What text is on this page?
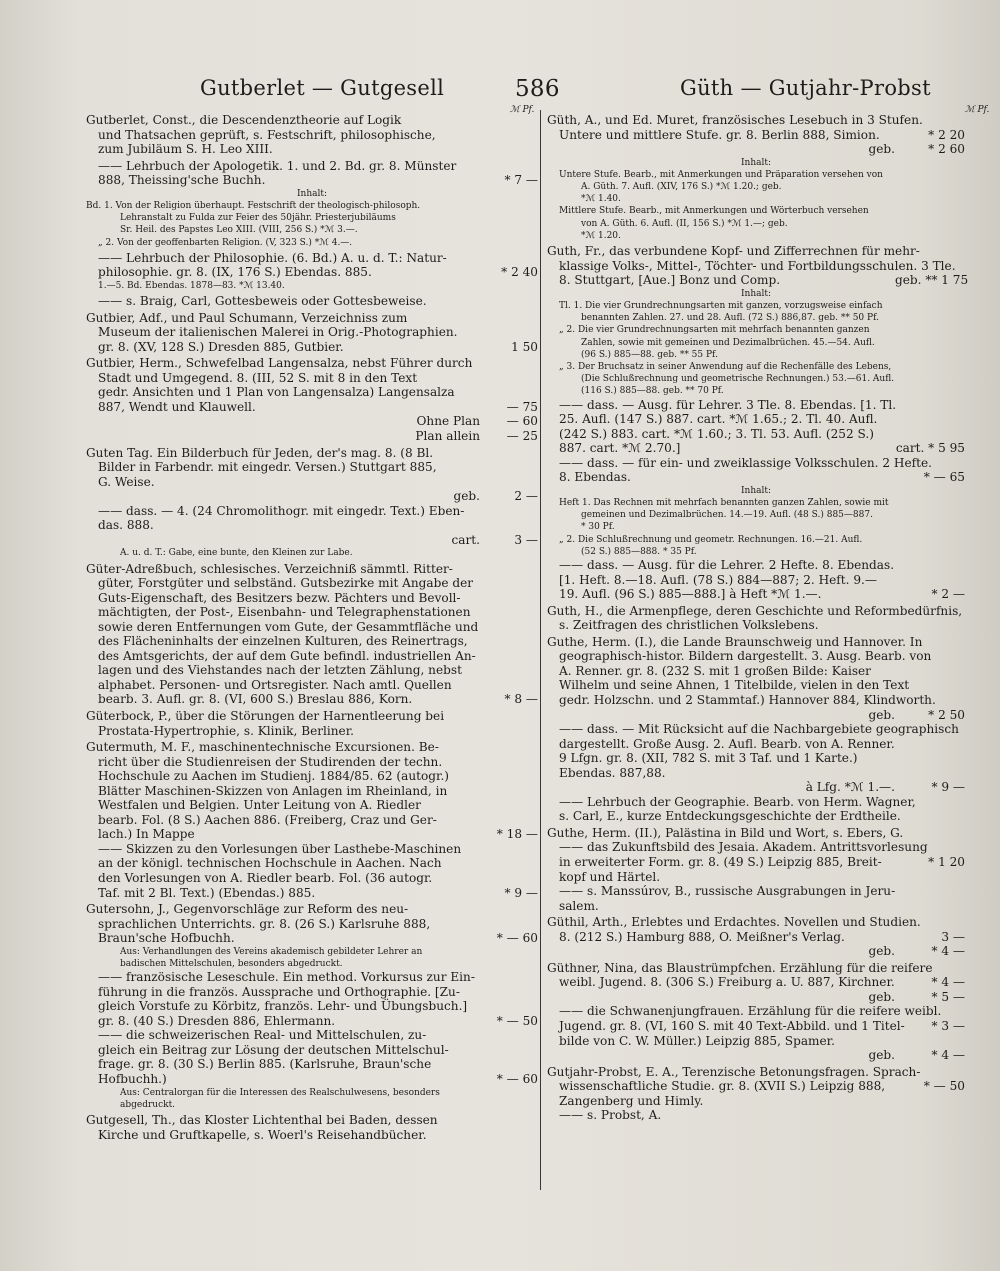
Gutberlet — Gutgesell	586	Güth — Gutjahr-Probst
ℳ Pf.	ℳ Pf.
Gutberlet, Const., die Descendenztheorie auf Logik
und Thatsachen geprüft, s. Festschrift, philosophische,
zum Jubiläum S. H. Leo XIII.
—— Lehrbuch der Apologetik. 1. und 2. Bd. gr. 8. Münster
888, Theissing'sche Buchh.	* 7 —
Inhalt:
Bd. 1. Von der Religion überhaupt. Festschrift der theologisch-philosoph.
Lehranstalt zu Fulda zur Feier des 50jähr. Priesterjubiläums
Sr. Heil. des Papstes Leo XIII. (VIII, 256 S.) *ℳ 3.—.
„ 2. Von der geoffenbarten Religion. (V, 323 S.) *ℳ 4.—.
—— Lehrbuch der Philosophie. (6. Bd.) A. u. d. T.: Natur-
philosophie. gr. 8. (IX, 176 S.) Ebendas. 885.	* 2 40
1.—5. Bd. Ebendas. 1878—83. *ℳ 13.40.
—— s. Braig, Carl, Gottesbeweis oder Gottesbeweise.
Gutbier, Adf., und Paul Schumann, Verzeichniss zum
Museum der italienischen Malerei in Orig.-Photographien.
gr. 8. (XV, 128 S.) Dresden 885, Gutbier.	1 50
Gutbier, Herm., Schwefelbad Langensalza, nebst Führer durch
Stadt und Umgegend. 8. (III, 52 S. mit 8 in den Text
gedr. Ansichten und 1 Plan von Langensalza) Langensalza
887, Wendt und Klauwell.	— 75
Ohne Plan	— 60
Plan allein	— 25
Guten Tag. Ein Bilderbuch für Jeden, der's mag. 8. (8 Bl.
Bilder in Farbendr. mit eingedr. Versen.) Stuttgart 885,
G. Weise.
geb.	2 —
—— dass. — 4. (24 Chromolithogr. mit eingedr. Text.) Eben-
das. 888.
cart.	3 —
A. u. d. T.: Gabe, eine bunte, den Kleinen zur Labe.
Güter-Adreßbuch, schlesisches. Verzeichniß sämmtl. Ritter-
güter, Forstgüter und selbständ. Gutsbezirke mit Angabe der
Guts-Eigenschaft, des Besitzers bezw. Pächters und Bevoll-
mächtigten, der Post-, Eisenbahn- und Telegraphenstationen
sowie deren Entfernungen vom Gute, der Gesammtfläche und
des Flächeninhalts der einzelnen Kulturen, des Reinertrags,
des Amtsgerichts, der auf dem Gute befindl. industriellen An-
lagen und des Viehstandes nach der letzten Zählung, nebst
alphabet. Personen- und Ortsregister. Nach amtl. Quellen
bearb. 3. Aufl. gr. 8. (VI, 600 S.) Breslau 886, Korn.	* 8 —
Güterbock, P., über die Störungen der Harnentleerung bei
Prostata-Hypertrophie, s. Klinik, Berliner.
Gutermuth, M. F., maschinentechnische Excursionen. Be-
richt über die Studienreisen der Studirenden der techn.
Hochschule zu Aachen im Studienj. 1884/85. 62 (autogr.)
Blätter Maschinen-Skizzen von Anlagen im Rheinland, in
Westfalen und Belgien. Unter Leitung von A. Riedler
bearb. Fol. (8 S.) Aachen 886. (Freiberg, Craz und Ger-
lach.) In Mappe	* 18 —
—— Skizzen zu den Vorlesungen über Lasthebe-Maschinen
an der königl. technischen Hochschule in Aachen. Nach
den Vorlesungen von A. Riedler bearb. Fol. (36 autogr.
Taf. mit 2 Bl. Text.) (Ebendas.) 885.	* 9 —
Gutersohn, J., Gegenvorschläge zur Reform des neu-
sprachlichen Unterrichts. gr. 8. (26 S.) Karlsruhe 888,
Braun'sche Hofbuchh.	* — 60
Aus: Verhandlungen des Vereins akademisch gebildeter Lehrer an
badischen Mittelschulen, besonders abgedruckt.
—— französische Leseschule. Ein method. Vorkursus zur Ein-
führung in die französ. Aussprache und Orthographie. [Zu-
gleich Vorstufe zu Körbitz, französ. Lehr- und Übungsbuch.]
gr. 8. (40 S.) Dresden 886, Ehlermann.	* — 50
—— die schweizerischen Real- und Mittelschulen, zu-
gleich ein Beitrag zur Lösung der deutschen Mittelschul-
frage. gr. 8. (30 S.) Berlin 885. (Karlsruhe, Braun'sche
Hofbuchh.)	* — 60
Aus: Centralorgan für die Interessen des Realschulwesens, besonders
abgedruckt.
Gutgesell, Th., das Kloster Lichtenthal bei Baden, dessen
Kirche und Gruftkapelle, s. Woerl's Reisehandbücher.
Güth, A., und Ed. Muret, französisches Lesebuch in 3 Stufen.
Untere und mittlere Stufe. gr. 8. Berlin 888, Simion.	* 2 20
geb.	* 2 60
Inhalt:
Untere Stufe. Bearb., mit Anmerkungen und Präparation versehen von
A. Güth. 7. Aufl. (XIV, 176 S.) *ℳ 1.20.; geb.
*ℳ 1.40.
Mittlere Stufe. Bearb., mit Anmerkungen und Wörterbuch versehen
von A. Güth. 6. Aufl. (II, 156 S.) *ℳ 1.—; geb.
*ℳ 1.20.
Guth, Fr., das verbundene Kopf- und Zifferrechnen für mehr-
klassige Volks-, Mittel-, Töchter- und Fortbildungsschulen. 3 Tle.
8. Stuttgart, [Aue.] Bonz und Comp.	geb. ** 1 75
Inhalt:
Tl. 1. Die vier Grundrechnungsarten mit ganzen, vorzugsweise einfach
benannten Zahlen. 27. und 28. Aufl. (72 S.) 886,87. geb. ** 50 Pf.
„ 2. Die vier Grundrechnungsarten mit mehrfach benannten ganzen
Zahlen, sowie mit gemeinen und Dezimalbrüchen. 45.—54. Aufl.
(96 S.) 885—88. geb. ** 55 Pf.
„ 3. Der Bruchsatz in seiner Anwendung auf die Rechenfälle des Lebens,
(Die Schlußrechnung und geometrische Rechnungen.) 53.—61. Aufl.
(116 S.) 885—88. geb. ** 70 Pf.
—— dass. — Ausg. für Lehrer. 3 Tle. 8. Ebendas. [1. Tl.
25. Aufl. (147 S.) 887. cart. *ℳ 1.65.; 2. Tl. 40. Aufl.
(242 S.) 883. cart. *ℳ 1.60.; 3. Tl. 53. Aufl. (252 S.)
887. cart. *ℳ 2.70.]	cart. * 5 95
—— dass. — für ein- und zweiklassige Volksschulen. 2 Hefte.
8. Ebendas.	* — 65
Inhalt:
Heft 1. Das Rechnen mit mehrfach benannten ganzen Zahlen, sowie mit
gemeinen und Dezimalbrüchen. 14.—19. Aufl. (48 S.) 885—887.
* 30 Pf.
„ 2. Die Schlußrechnung und geometr. Rechnungen. 16.—21. Aufl.
(52 S.) 885—888. * 35 Pf.
—— dass. — Ausg. für die Lehrer. 2 Hefte. 8. Ebendas.
[1. Heft. 8.—18. Aufl. (78 S.) 884—887; 2. Heft. 9.—
19. Aufl. (96 S.) 885—888.] à Heft *ℳ 1.—.	* 2 —
Guth, H., die Armenpflege, deren Geschichte und Reformbedürfnis,
s. Zeitfragen des christlichen Volkslebens.
Guthe, Herm. (I.), die Lande Braunschweig und Hannover. In
geographisch-histor. Bildern dargestellt. 3. Ausg. Bearb. von
A. Renner. gr. 8. (232 S. mit 1 großen Bilde: Kaiser
Wilhelm und seine Ahnen, 1 Titelbilde, vielen in den Text
gedr. Holzschn. und 2 Stammtaf.) Hannover 884, Klindworth.
geb.	* 2 50
—— dass. — Mit Rücksicht auf die Nachbargebiete geographisch
dargestellt. Große Ausg. 2. Aufl. Bearb. von A. Renner.
9 Lfgn. gr. 8. (XII, 782 S. mit 3 Taf. und 1 Karte.)
Ebendas. 887,88.
à Lfg. *ℳ 1.—.	* 9 —
—— Lehrbuch der Geographie. Bearb. von Herm. Wagner,
s. Carl, E., kurze Entdeckungsgeschichte der Erdtheile.
Guthe, Herm. (II.), Palästina in Bild und Wort, s. Ebers, G.
—— das Zukunftsbild des Jesaia. Akadem. Antrittsvorlesung
in erweiterter Form. gr. 8. (49 S.) Leipzig 885, Breit-	* 1 20
kopf und Härtel.
—— s. Manssúrov, B., russische Ausgrabungen in Jeru-
salem.
Güthil, Arth., Erlebtes und Erdachtes. Novellen und Studien.
8. (212 S.) Hamburg 888, O. Meißner's Verlag.	3 —
geb.	* 4 —
Güthner, Nina, das Blaustrümpfchen. Erzählung für die reifere
weibl. Jugend. 8. (306 S.) Freiburg a. U. 887, Kirchner.	* 4 —
geb.	* 5 —
—— die Schwanenjungfrauen. Erzählung für die reifere weibl.
Jugend. gr. 8. (VI, 160 S. mit 40 Text-Abbild. und 1 Titel-	* 3 —
bilde von C. W. Müller.) Leipzig 885, Spamer.
geb.	* 4 —
Gutjahr-Probst, E. A., Terenzische Betonungsfragen. Sprach-
wissenschaftliche Studie. gr. 8. (XVII S.) Leipzig 888,	* — 50
Zangenberg und Himly.
—— s. Probst, A.
